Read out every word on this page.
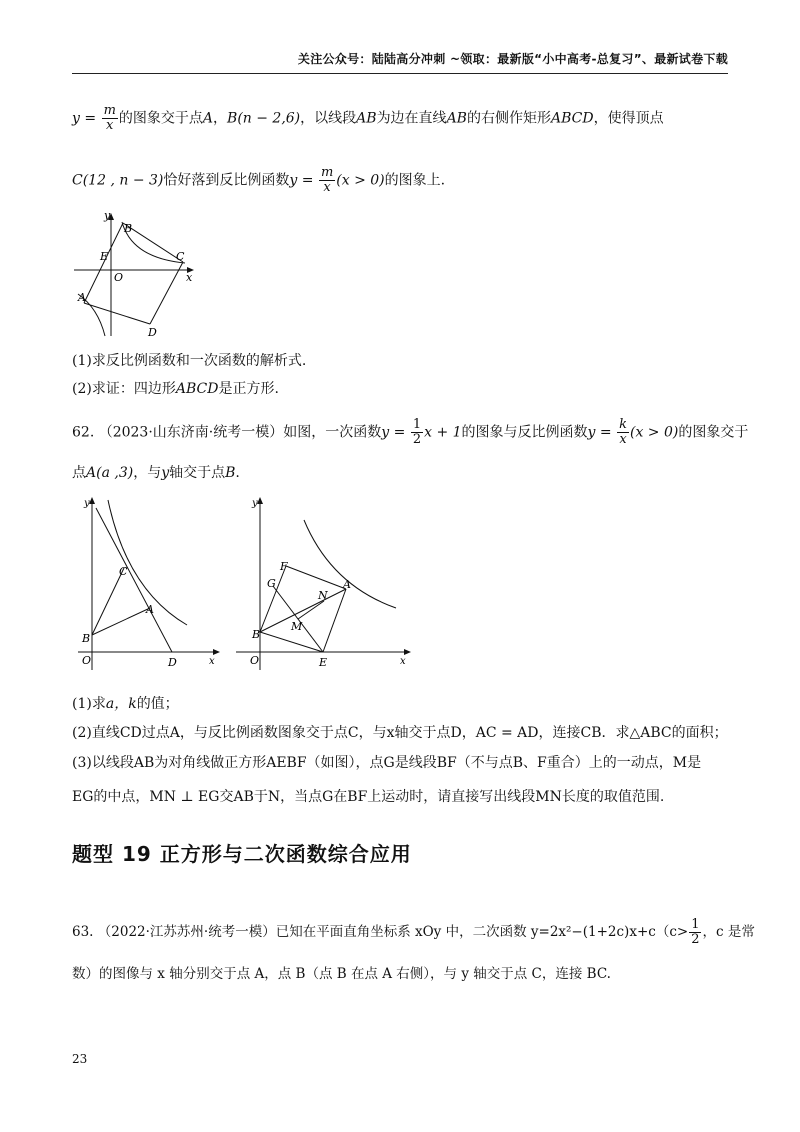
关注公众号：陆陆高分冲刺 ~领取：最新版“小中高考-总复习”、最新试卷下载
$y = \frac{m}{x}$ 的图象交于点A，B(n − 2,6)，以线段AB为边在直线AB的右侧作矩形ABCD，使得顶点
C(12 , n − 3)恰好落到反比例函数$y = \frac{m}{x} (x > 0)$的图象上.
y
x
B
E
O
C
A
D
(1)求反比例函数和一次函数的解析式.
(2)求证：四边形ABCD是正方形.
62. （2023·山东济南·统考一模）如图，一次函数$y = \frac{1}{2}$ x + 1的图象与反比例函数$y = \frac{k}{x} (x > 0)$的图象交于
点A(a ,3)，与y轴交于点B.
y
x
O
B
C
A
D
y
x
O
B
E
A
F
G
N
M
(1)求a，k的值；
(2)直线CD过点A，与反比例函数图象交于点C，与x轴交于点D，AC = AD，连接CB．求△ABC的面积；
(3)以线段AB为对角线做正方形AEBF（如图），点G是线段BF（不与点B、F重合）上的一动点，M是
EG的中点，MN ⊥ EG交AB于N，当点G在BF上运动时，请直接写出线段MN长度的取值范围.
题型 19 正方形与二次函数综合应用
63. （2022·江苏苏州·统考一模）已知在平面直角坐标系 xOy 中，二次函数 $y=2x^2-(1+2c)x+c(c> \frac{1}{2}$ ，c 是常
数）的图像与 x 轴分别交于点 A，点 B（点 B 在点 A 右侧），与 y 轴交于点 C，连接 BC.
23
